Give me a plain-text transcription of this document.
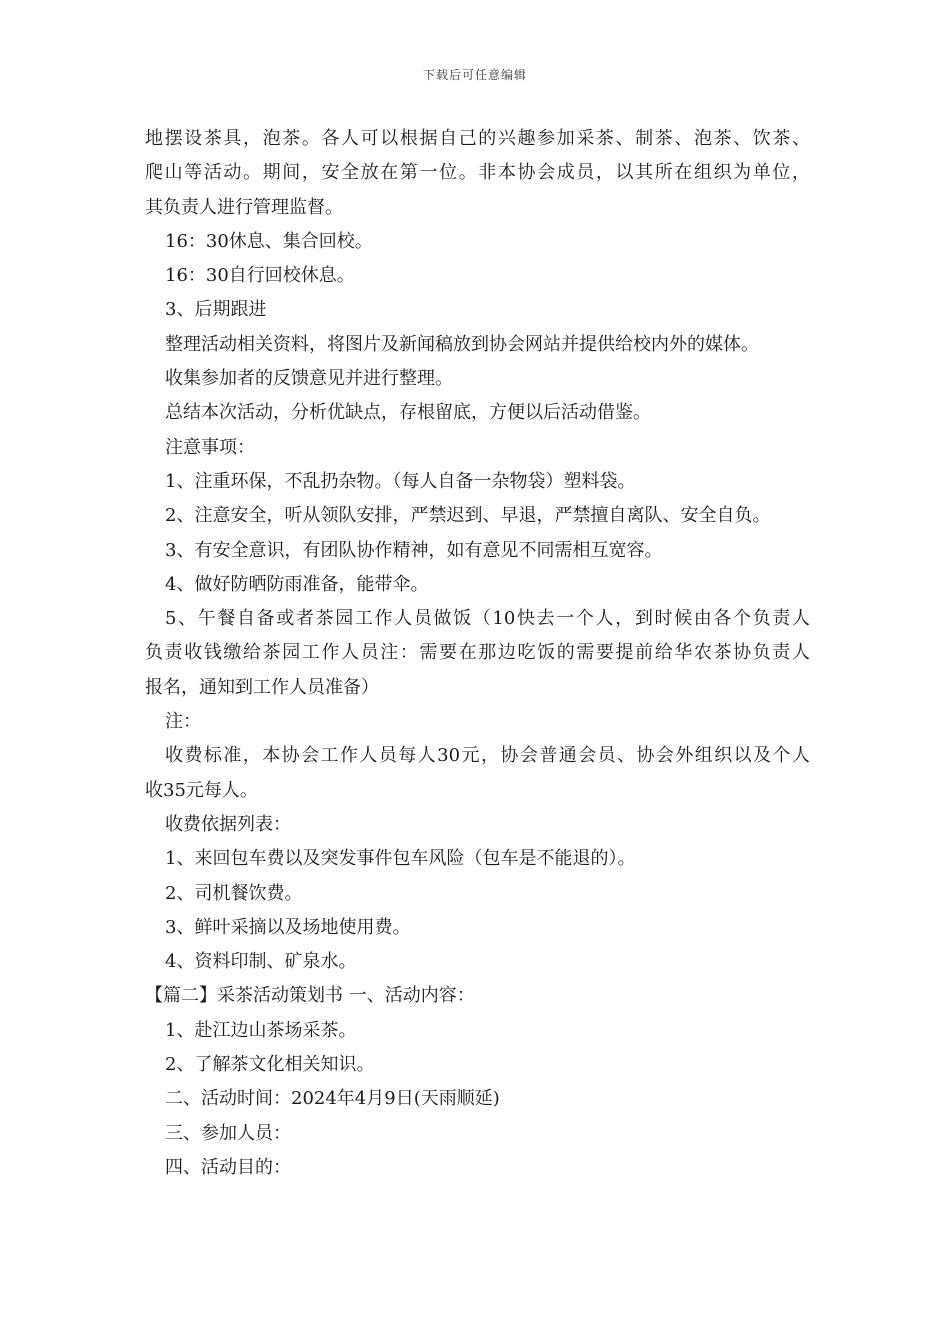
下载后可任意编辑
地摆设茶具，泡茶。各人可以根据自己的兴趣参加采茶、制茶、泡茶、饮茶、
爬山等活动。期间，安全放在第一位。非本协会成员，以其所在组织为单位，
其负责人进行管理监督。
16：30休息、集合回校。
16：30自行回校休息。
3、后期跟进
整理活动相关资料，将图片及新闻稿放到协会网站并提供给校内外的媒体。
收集参加者的反馈意见并进行整理。
总结本次活动，分析优缺点，存根留底，方便以后活动借鉴。
注意事项：
1、注重环保，不乱扔杂物。（每人自备一杂物袋）塑料袋。
2、注意安全，听从领队安排，严禁迟到、早退，严禁擅自离队、安全自负。
3、有安全意识，有团队协作精神，如有意见不同需相互宽容。
4、做好防晒防雨准备，能带伞。
5、午餐自备或者茶园工作人员做饭（10快去一个人，到时候由各个负责人
负责收钱缴给茶园工作人员注：需要在那边吃饭的需要提前给华农茶协负责人
报名，通知到工作人员准备）
注：
收费标准，本协会工作人员每人30元，协会普通会员、协会外组织以及个人
收35元每人。
收费依据列表：
1、来回包车费以及突发事件包车风险（包车是不能退的）。
2、司机餐饮费。
3、鲜叶采摘以及场地使用费。
4、资料印制、矿泉水。
【篇二】采茶活动策划书 一、活动内容：
1、赴江边山茶场采茶。
2、了解茶文化相关知识。
二、活动时间：2024年4月9日(天雨顺延)
三、参加人员：
四、活动目的：
